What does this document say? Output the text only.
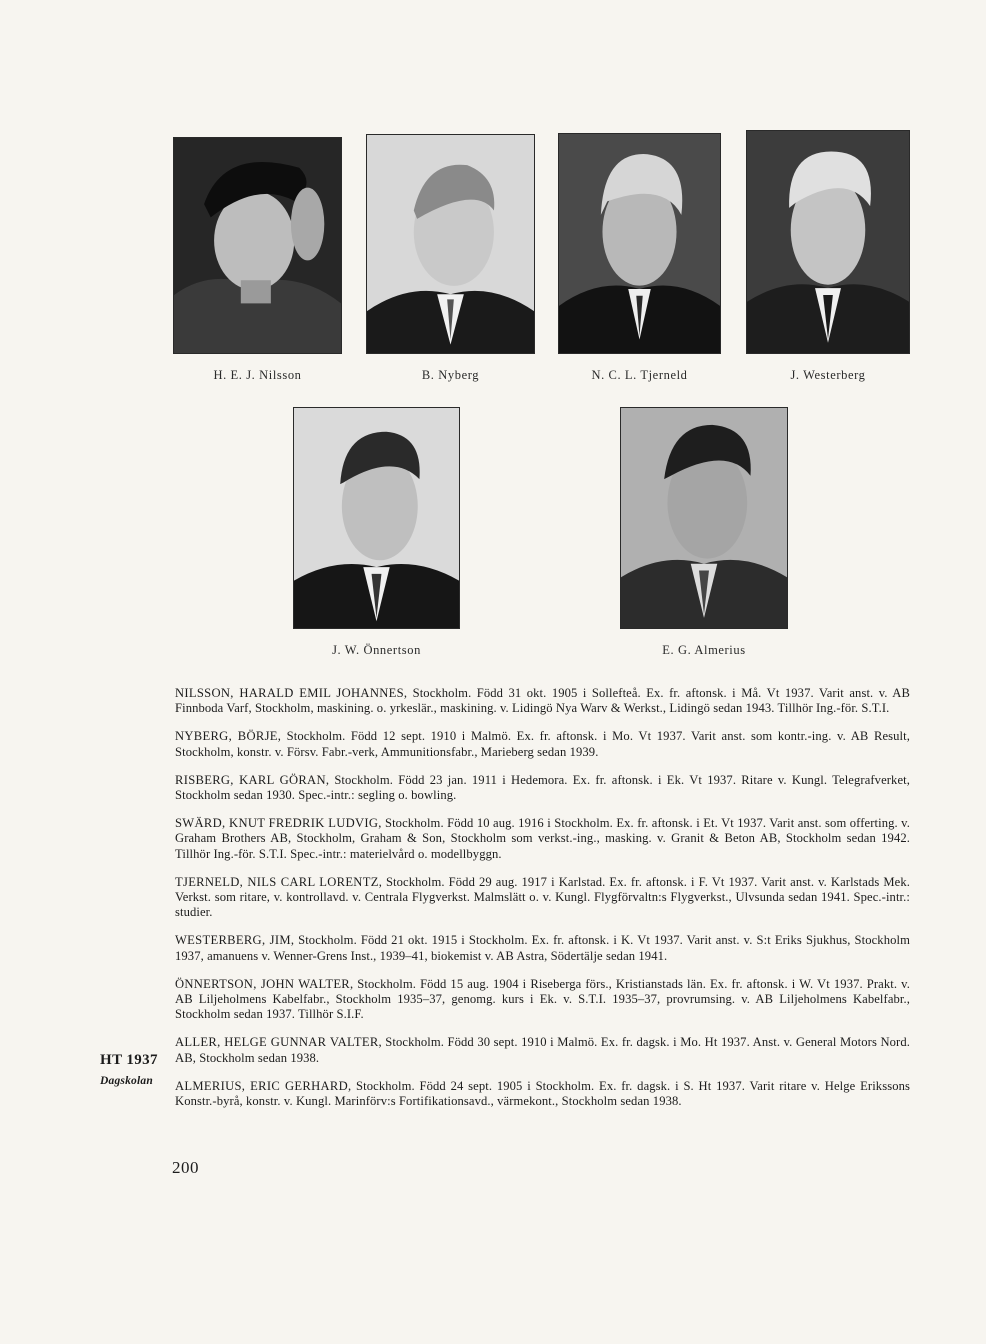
H. E. J. Nilsson	B. Nyberg	N. C. L. Tjerneld	J. Westerberg
J. W. Önnertson	E. G. Almerius

NILSSON, HARALD EMIL JOHANNES, Stockholm. Född 31 okt. 1905 i Sollefteå. Ex. fr. aftonsk. i Må. Vt 1937. Varit anst. v. AB Finnboda Varf, Stockholm, maskining. o. yrkeslär., maskining. v. Lidingö Nya Warv & Werkst., Lidingö sedan 1943. Tillhör Ing.-för. S.T.I.

NYBERG, BÖRJE, Stockholm. Född 12 sept. 1910 i Malmö. Ex. fr. aftonsk. i Mo. Vt 1937. Varit anst. som kontr.-ing. v. AB Result, Stockholm, konstr. v. Försv. Fabr.-verk, Ammunitionsfabr., Marieberg sedan 1939.

RISBERG, KARL GÖRAN, Stockholm. Född 23 jan. 1911 i Hedemora. Ex. fr. aftonsk. i Ek. Vt 1937. Ritare v. Kungl. Telegrafverket, Stockholm sedan 1930. Spec.-intr.: segling o. bowling.

SWÄRD, KNUT FREDRIK LUDVIG, Stockholm. Född 10 aug. 1916 i Stockholm. Ex. fr. aftonsk. i Et. Vt 1937. Varit anst. som offerting. v. Graham Brothers AB, Stockholm, Graham & Son, Stockholm som verkst.-ing., masking. v. Granit & Beton AB, Stockholm sedan 1942. Tillhör Ing.-för. S.T.I. Spec.-intr.: materielvård o. modellbyggn.

TJERNELD, NILS CARL LORENTZ, Stockholm. Född 29 aug. 1917 i Karlstad. Ex. fr. aftonsk. i F. Vt 1937. Varit anst. v. Karlstads Mek. Verkst. som ritare, v. kontrollavd. v. Centrala Flygverkst. Malmslätt o. v. Kungl. Flygförvaltn:s Flygverkst., Ulvsunda sedan 1941. Spec.-intr.: studier.

WESTERBERG, JIM, Stockholm. Född 21 okt. 1915 i Stockholm. Ex. fr. aftonsk. i K. Vt 1937. Varit anst. v. S:t Eriks Sjukhus, Stockholm 1937, amanuens v. Wenner-Grens Inst., 1939–41, biokemist v. AB Astra, Södertälje sedan 1941.

ÖNNERTSON, JOHN WALTER, Stockholm. Född 15 aug. 1904 i Riseberga förs., Kristianstads län. Ex. fr. aftonsk. i W. Vt 1937. Prakt. v. AB Liljeholmens Kabelfabr., Stockholm 1935–37, genomg. kurs i Ek. v. S.T.I. 1935–37, provrumsing. v. AB Liljeholmens Kabelfabr., Stockholm sedan 1937. Tillhör S.I.F.

ALLER, HELGE GUNNAR VALTER, Stockholm. Född 30 sept. 1910 i Malmö. Ex. fr. dagsk. i Mo. Ht 1937. Anst. v. General Motors Nord. AB, Stockholm sedan 1938.

ALMERIUS, ERIC GERHARD, Stockholm. Född 24 sept. 1905 i Stockholm. Ex. fr. dagsk. i S. Ht 1937. Varit ritare v. Helge Erikssons Konstr.-byrå, konstr. v. Kungl. Marinförv:s Fortifikationsavd., värmekont., Stockholm sedan 1938.

HT 1937
Dagskolan
200
